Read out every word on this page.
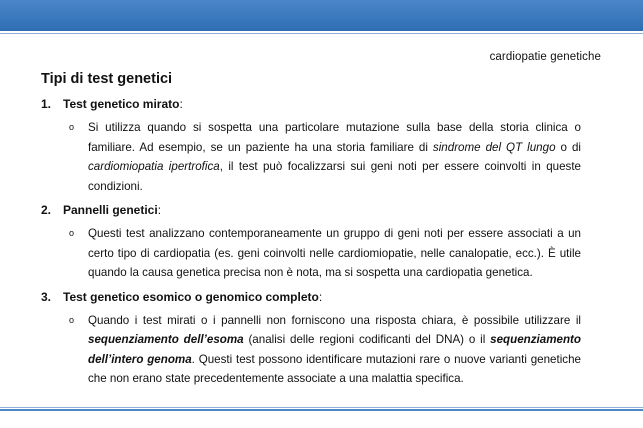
cardiopatie genetiche
Tipi di test genetici

1. Test genetico mirato:

o Si utilizza quando si sospetta una particolare mutazione sulla base della storia clinica o familiare. Ad esempio, se un paziente ha una storia familiare di sindrome del QT lungo o di cardiomiopatia ipertrofica, il test può focalizzarsi sui geni noti per essere coinvolti in queste condizioni.

2. Pannelli genetici:

o Questi test analizzano contemporaneamente un gruppo di geni noti per essere associati a un certo tipo di cardiopatia (es. geni coinvolti nelle cardiomiopatie, nelle canalopatie, ecc.). È utile quando la causa genetica precisa non è nota, ma si sospetta una cardiopatia genetica.

3. Test genetico esomico o genomico completo:

o Quando i test mirati o i pannelli non forniscono una risposta chiara, è possibile utilizzare il sequenziamento dell’esoma (analisi delle regioni codificanti del DNA) o il sequenziamento dell’intero genoma. Questi test possono identificare mutazioni rare o nuove varianti genetiche che non erano state precedentemente associate a una malattia specifica.
